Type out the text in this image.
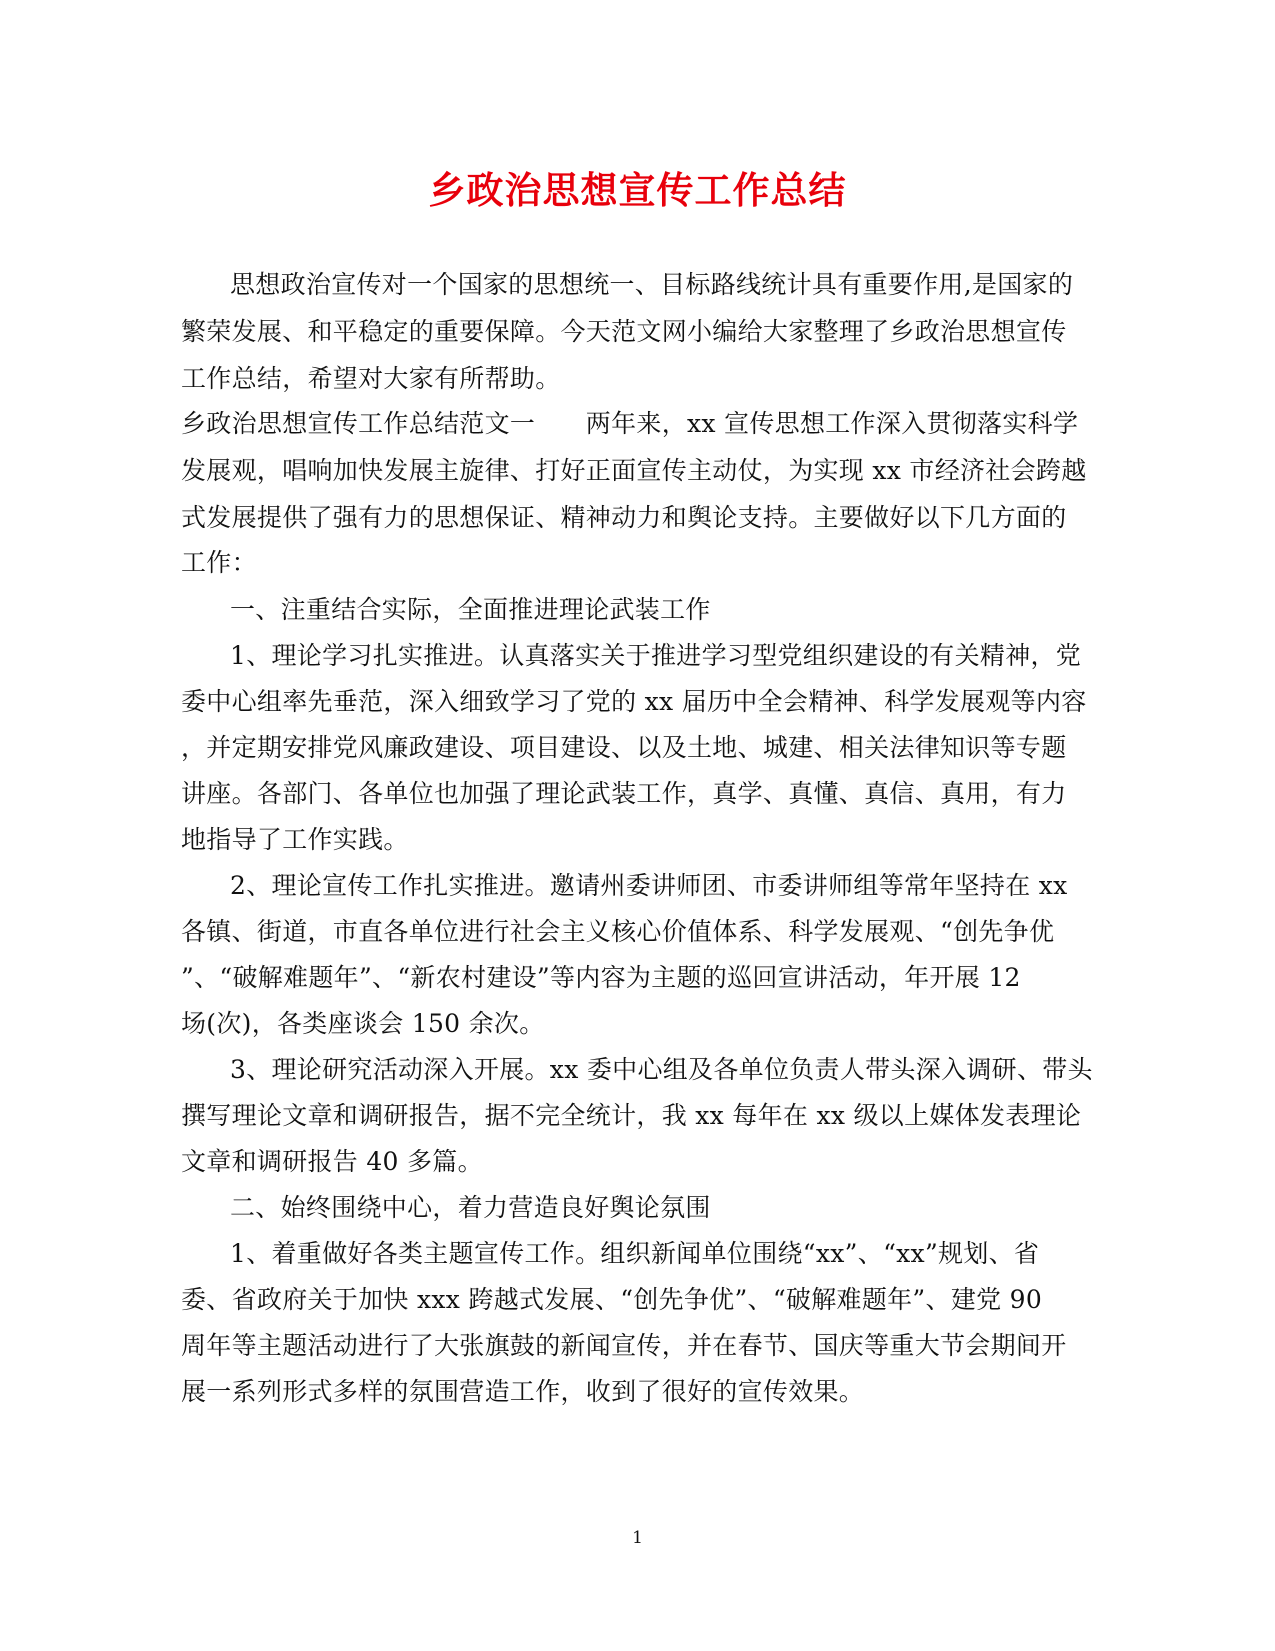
乡政治思想宣传工作总结
思想政治宣传对一个国家的思想统一、目标路线统计具有重要作用,是国家的
繁荣发展、和平稳定的重要保障。今天范文网小编给大家整理了乡政治思想宣传
工作总结，希望对大家有所帮助。
乡政治思想宣传工作总结范文一　　两年来，xx 宣传思想工作深入贯彻落实科学
发展观，唱响加快发展主旋律、打好正面宣传主动仗，为实现 xx 市经济社会跨越
式发展提供了强有力的思想保证、精神动力和舆论支持。主要做好以下几方面的
工作：
一、注重结合实际，全面推进理论武装工作
1、理论学习扎实推进。认真落实关于推进学习型党组织建设的有关精神，党
委中心组率先垂范，深入细致学习了党的 xx 届历中全会精神、科学发展观等内容
，并定期安排党风廉政建设、项目建设、以及土地、城建、相关法律知识等专题
讲座。各部门、各单位也加强了理论武装工作，真学、真懂、真信、真用，有力
地指导了工作实践。
2、理论宣传工作扎实推进。邀请州委讲师团、市委讲师组等常年坚持在 xx
各镇、街道，市直各单位进行社会主义核心价值体系、科学发展观、“创先争优
”、“破解难题年”、“新农村建设”等内容为主题的巡回宣讲活动，年开展 12
场(次)，各类座谈会 150 余次。
3、理论研究活动深入开展。xx 委中心组及各单位负责人带头深入调研、带头
撰写理论文章和调研报告，据不完全统计，我 xx 每年在 xx 级以上媒体发表理论
文章和调研报告 40 多篇。
二、始终围绕中心，着力营造良好舆论氛围
1、着重做好各类主题宣传工作。组织新闻单位围绕“xx”、“xx”规划、省
委、省政府关于加快 xxx 跨越式发展、“创先争优”、“破解难题年”、建党 90
周年等主题活动进行了大张旗鼓的新闻宣传，并在春节、国庆等重大节会期间开
展一系列形式多样的氛围营造工作，收到了很好的宣传效果。
1
